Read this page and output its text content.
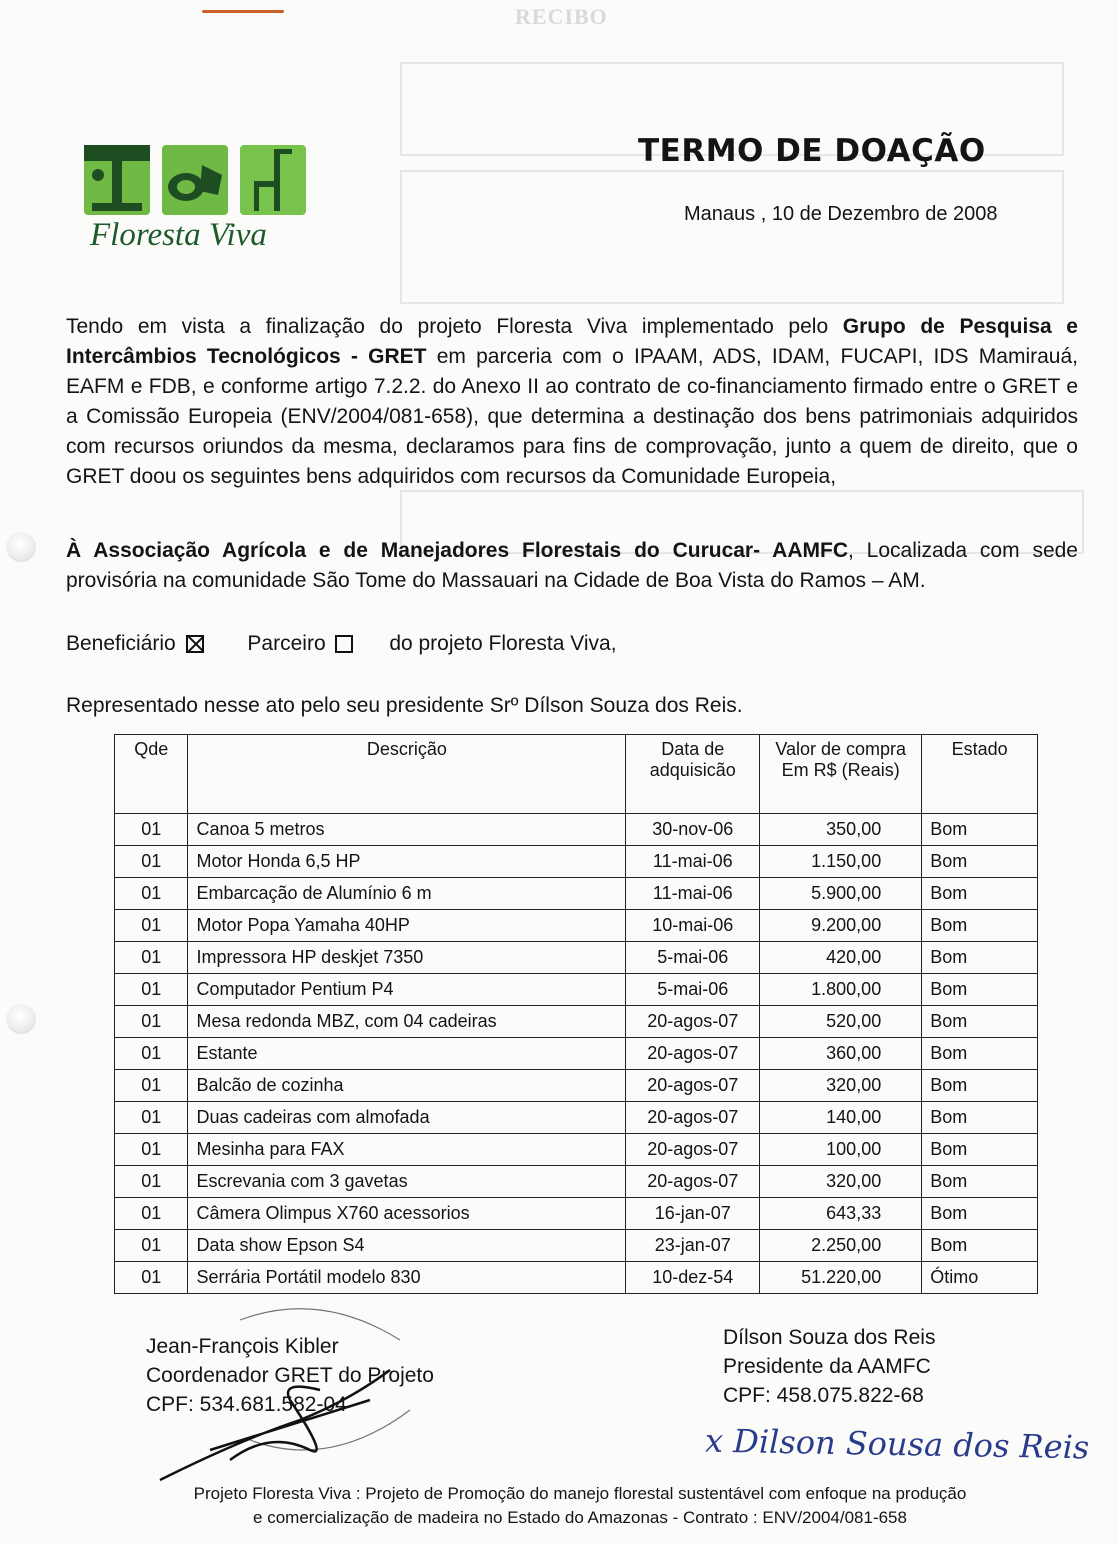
RECIBO
Floresta Viva
TERMO DE DOAÇÃO
Manaus , 10 de Dezembro de 2008
Tendo em vista a finalização do projeto Floresta Viva implementado pelo Grupo de Pesquisa e Intercâmbios Tecnológicos - GRET em parceria com o IPAAM, ADS, IDAM, FUCAPI, IDS Mamirauá, EAFM e FDB, e conforme artigo 7.2.2. do Anexo II ao contrato de co-financiamento firmado entre o GRET e a Comissão Europeia (ENV/2004/081-658), que determina a destinação dos bens patrimoniais adquiridos com recursos oriundos da mesma, declaramos para fins de comprovação, junto a quem de direito, que o GRET doou os seguintes bens adquiridos com recursos da Comunidade Europeia,
À Associação Agrícola e de Manejadores Florestais do Curucar- AAMFC, Localizada com sede provisória na comunidade São Tome do Massauari na Cidade de Boa Vista do Ramos – AM.
Beneficiário	Parceiro	do projeto Floresta Viva,
Representado nesse ato pelo seu presidente Srº Dílson Souza dos Reis.
Qde	Descrição	Data de adquisicão	Valor de compra Em R$ (Reais)	Estado
01	Canoa 5 metros	30-nov-06	350,00	Bom
01	Motor Honda 6,5 HP	11-mai-06	1.150,00	Bom
01	Embarcação de Alumínio 6 m	11-mai-06	5.900,00	Bom
01	Motor Popa Yamaha 40HP	10-mai-06	9.200,00	Bom
01	Impressora HP deskjet 7350	5-mai-06	420,00	Bom
01	Computador Pentium P4	5-mai-06	1.800,00	Bom
01	Mesa redonda MBZ, com 04 cadeiras	20-agos-07	520,00	Bom
01	Estante	20-agos-07	360,00	Bom
01	Balcão de cozinha	20-agos-07	320,00	Bom
01	Duas cadeiras com almofada	20-agos-07	140,00	Bom
01	Mesinha para FAX	20-agos-07	100,00	Bom
01	Escrevania com 3 gavetas	20-agos-07	320,00	Bom
01	Câmera Olimpus X760 acessorios	16-jan-07	643,33	Bom
01	Data show Epson S4	23-jan-07	2.250,00	Bom
01	Serrária Portátil modelo 830	10-dez-54	51.220,00	Ótimo
Jean-François Kibler
Coordenador GRET do Projeto
CPF: 534.681.582-04
Dílson Souza dos Reis
Presidente da AAMFC
CPF: 458.075.822-68
x Dilson Sousa dos Reis
Projeto Floresta Viva : Projeto de Promoção do manejo florestal sustentável com enfoque na produção
e comercialização de madeira no Estado do Amazonas - Contrato : ENV/2004/081-658
